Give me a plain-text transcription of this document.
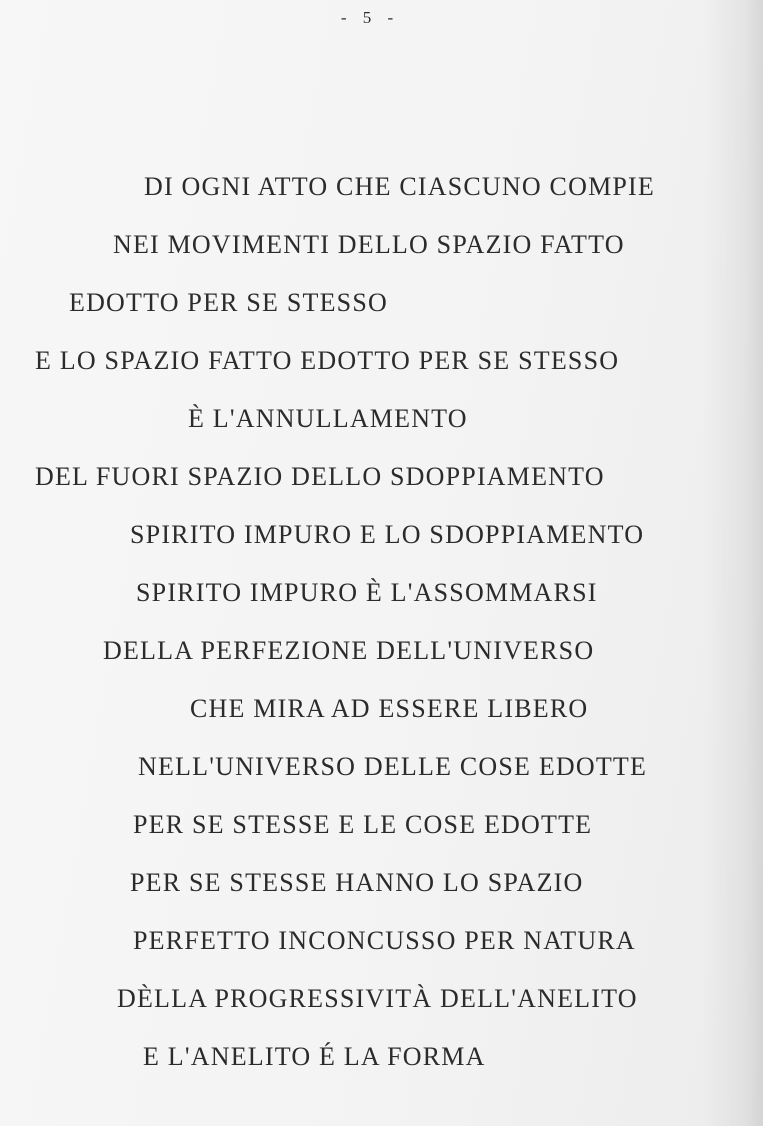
- 5 -
DI OGNI ATTO CHE CIASCUNO COMPIE
NEI MOVIMENTI DELLO SPAZIO FATTO
EDOTTO PER SE STESSO
E LO SPAZIO FATTO EDOTTO PER SE STESSO
È L'ANNULLAMENTO
DEL FUORI SPAZIO DELLO SDOPPIAMENTO
SPIRITO IMPURO E LO SDOPPIAMENTO
SPIRITO IMPURO È L'ASSOMMARSI
DELLA PERFEZIONE DELL'UNIVERSO
CHE MIRA AD ESSERE LIBERO
NELL'UNIVERSO DELLE COSE EDOTTE
PER SE STESSE E LE COSE EDOTTE
PER SE STESSE HANNO LO SPAZIO
PERFETTO INCONCUSSO PER NATURA
DÈLLA PROGRESSIVITÀ DELL'ANELITO
E L'ANELITO É LA FORMA
